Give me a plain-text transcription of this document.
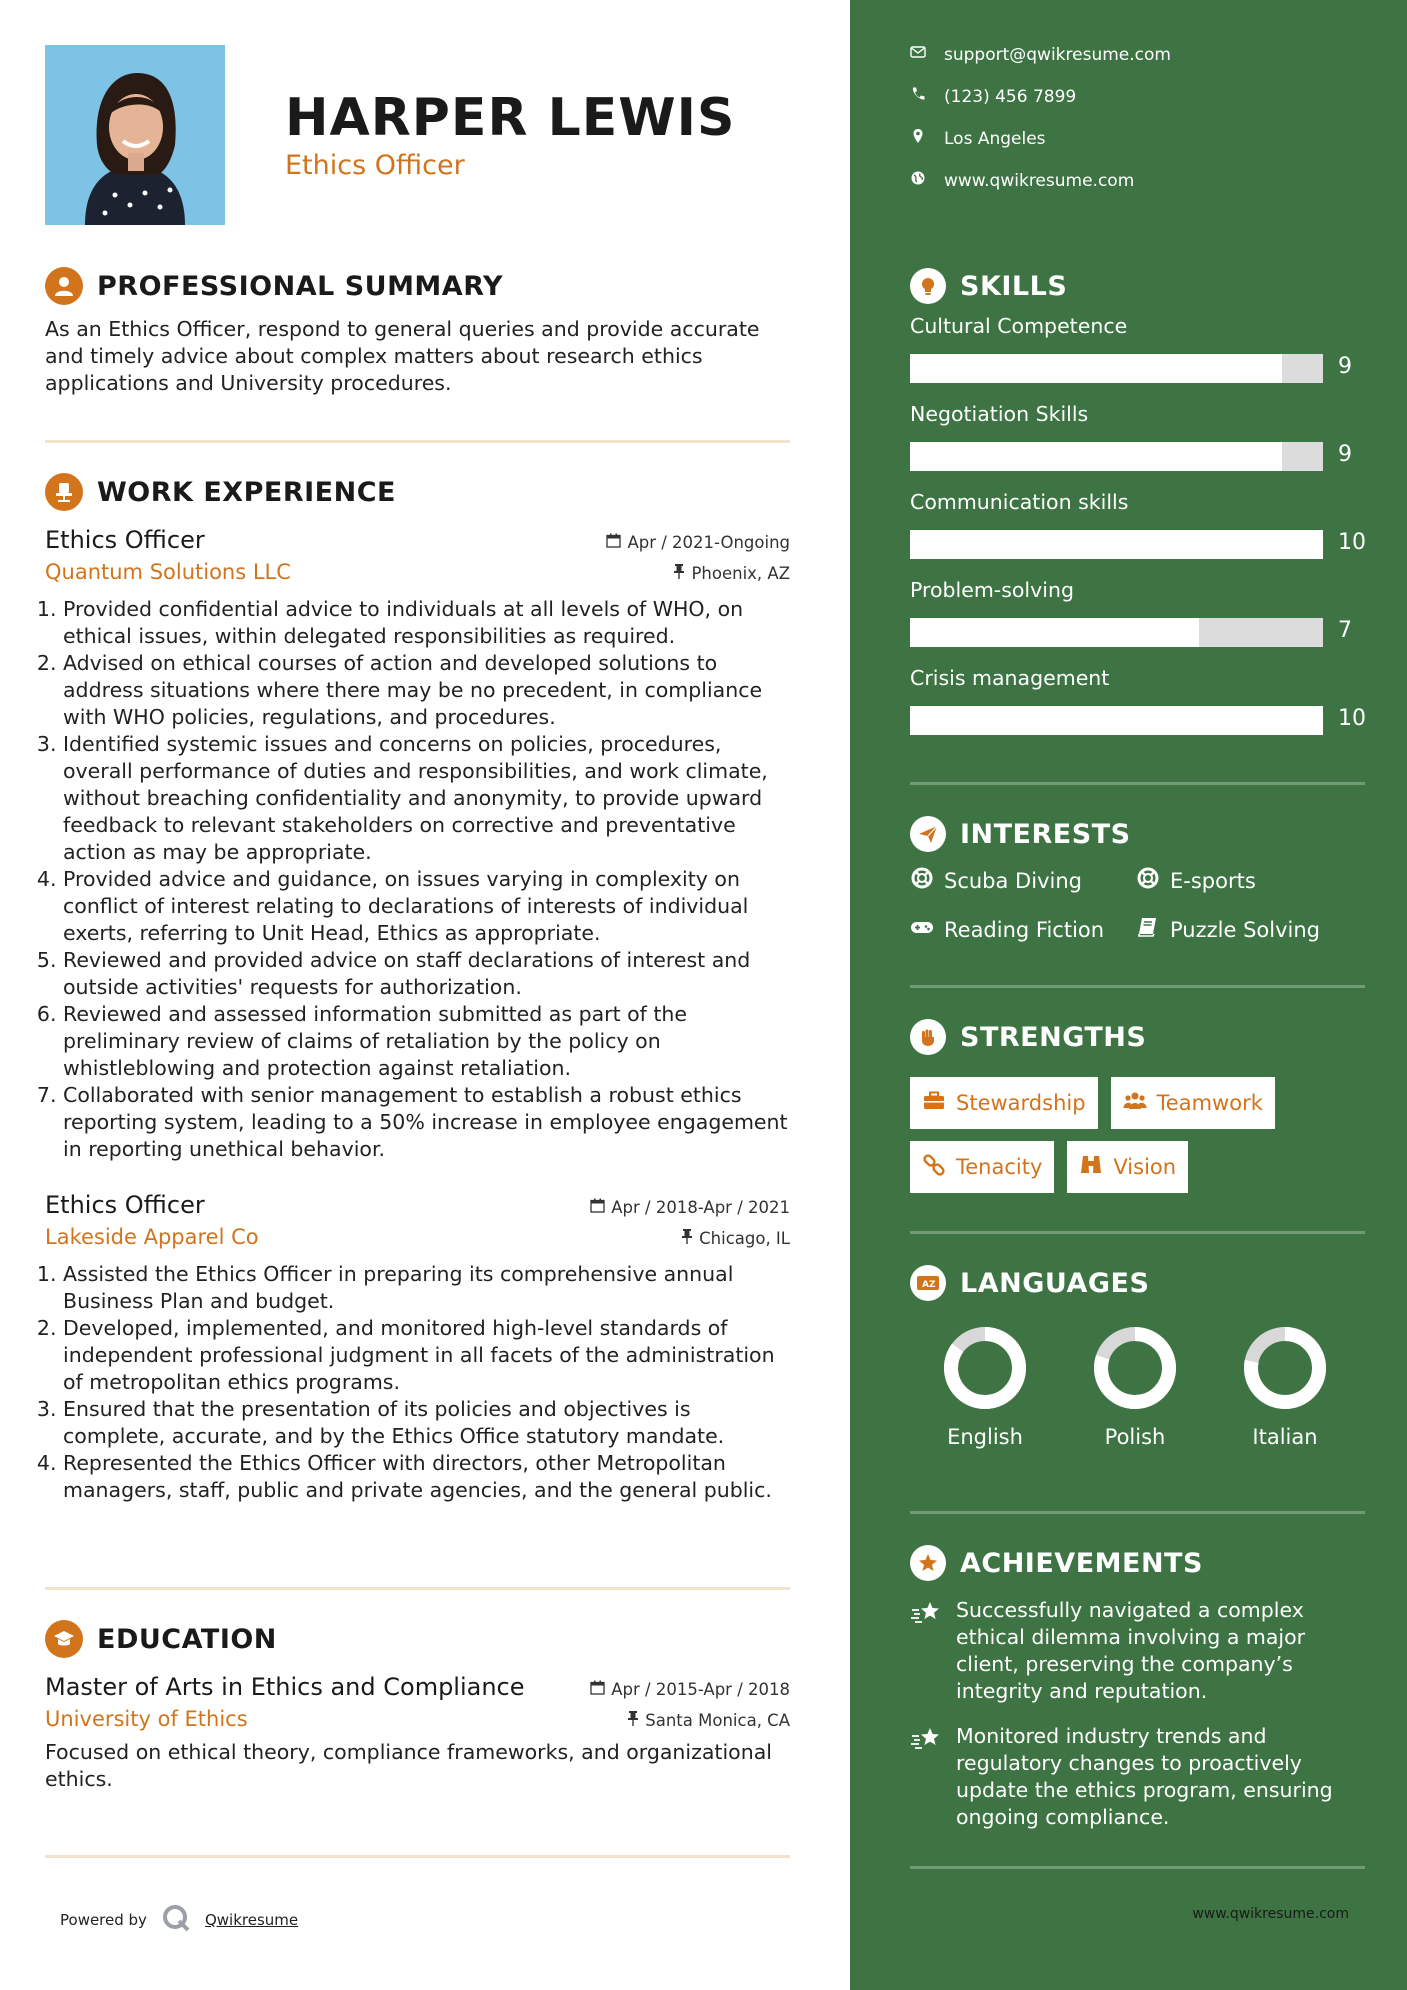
HARPER LEWIS
Ethics Officer
PROFESSIONAL SUMMARY
As an Ethics Officer, respond to general queries and provide accurate and timely advice about complex matters about research ethics applications and University procedures.
WORK EXPERIENCE
Ethics Officer	Apr / 2021-Ongoing
Quantum Solutions LLC	Phoenix, AZ
1. Provided confidential advice to individuals at all levels of WHO, on ethical issues, within delegated responsibilities as required.
2. Advised on ethical courses of action and developed solutions to address situations where there may be no precedent, in compliance with WHO policies, regulations, and procedures.
3. Identified systemic issues and concerns on policies, procedures, overall performance of duties and responsibilities, and work climate, without breaching confidentiality and anonymity, to provide upward feedback to relevant stakeholders on corrective and preventative action as may be appropriate.
4. Provided advice and guidance, on issues varying in complexity on conflict of interest relating to declarations of interests of individual exerts, referring to Unit Head, Ethics as appropriate.
5. Reviewed and provided advice on staff declarations of interest and outside activities' requests for authorization.
6. Reviewed and assessed information submitted as part of the preliminary review of claims of retaliation by the policy on whistleblowing and protection against retaliation.
7. Collaborated with senior management to establish a robust ethics reporting system, leading to a 50% increase in employee engagement in reporting unethical behavior.
Ethics Officer	Apr / 2018-Apr / 2021
Lakeside Apparel Co	Chicago, IL
1. Assisted the Ethics Officer in preparing its comprehensive annual Business Plan and budget.
2. Developed, implemented, and monitored high-level standards of independent professional judgment in all facets of the administration of metropolitan ethics programs.
3. Ensured that the presentation of its policies and objectives is complete, accurate, and by the Ethics Office statutory mandate.
4. Represented the Ethics Officer with directors, other Metropolitan managers, staff, public and private agencies, and the general public.
EDUCATION
Master of Arts in Ethics and Compliance	Apr / 2015-Apr / 2018
University of Ethics	Santa Monica, CA
Focused on ethical theory, compliance frameworks, and organizational ethics.
Powered by	Qwikresume
support@qwikresume.com
(123) 456 7899
Los Angeles
www.qwikresume.com
SKILLS
Cultural Competence
9
Negotiation Skills
9
Communication skills
10
Problem-solving
7
Crisis management
10
INTERESTS
Scuba Diving	E-sports
Reading Fiction	Puzzle Solving
STRENGTHS
Stewardship	Teamwork
Tenacity	Vision
A Z LANGUAGES
English	Polish	Italian
ACHIEVEMENTS
Successfully navigated a complex ethical dilemma involving a major client, preserving the company’s integrity and reputation.
Monitored industry trends and regulatory changes to proactively update the ethics program, ensuring ongoing compliance.
www.qwikresume.com
